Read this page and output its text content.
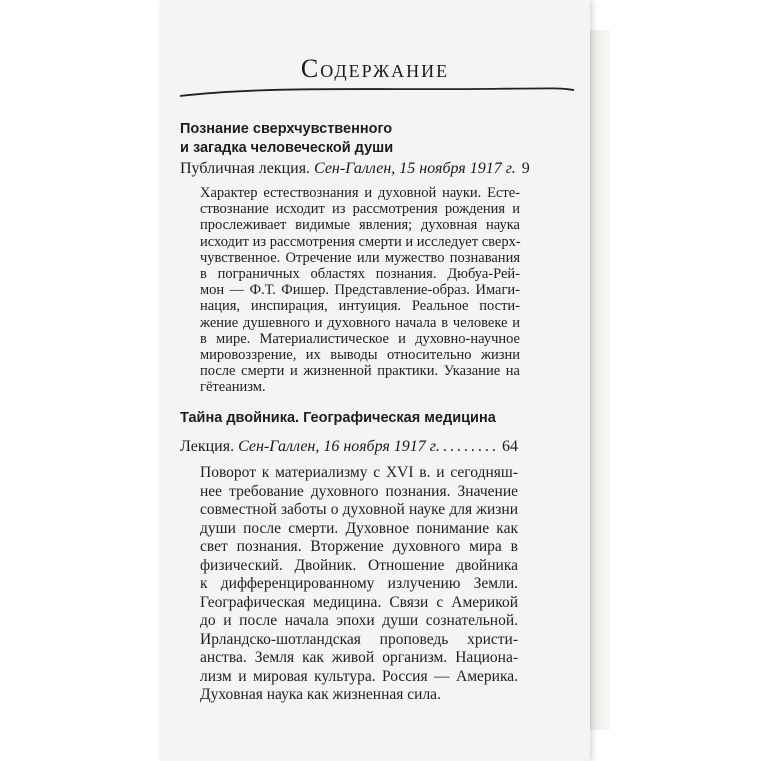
Содержание
Познание сверхчувственного
и загадка человеческой души
Публичная лекция. Сен-Галлен, 15 ноября 1917 г. 9
Характер естествознания и духовной науки. Есте-
ствознание исходит из рассмотрения рождения и
прослеживает видимые явления; духовная наука
исходит из рассмотрения смерти и исследует сверх-
чувственное. Отречение или мужество познавания
в пограничных областях познания. Дюбуа-Рей-
мон — Ф.Т. Фишер. Представление-образ. Имаги-
нация, инспирация, интуиция. Реальное пости-
жение душевного и духовного начала в человеке и
в мире. Материалистическое и духовно-научное
мировоззрение, их выводы относительно жизни
после смерти и жизненной практики. Указание на
гётеанизм.
Тайна двойника. Географическая медицина
Лекция. Сен-Галлен, 16 ноября 1917 г.
.....	64
Поворот к материализму с XVI в. и сегодняш-
нее требование духовного познания. Значение
совместной заботы о духовной науке для жизни
души после смерти. Духовное понимание как
свет познания. Вторжение духовного мира в
физический. Двойник. Отношение двойника
к дифференцированному излучению Земли.
Географическая медицина. Связи с Америкой
до и после начала эпохи души сознательной.
Ирландско-шотландская проповедь христи-
анства. Земля как живой организм. Национа-
лизм и мировая культура. Россия — Америка.
Духовная наука как жизненная сила.
